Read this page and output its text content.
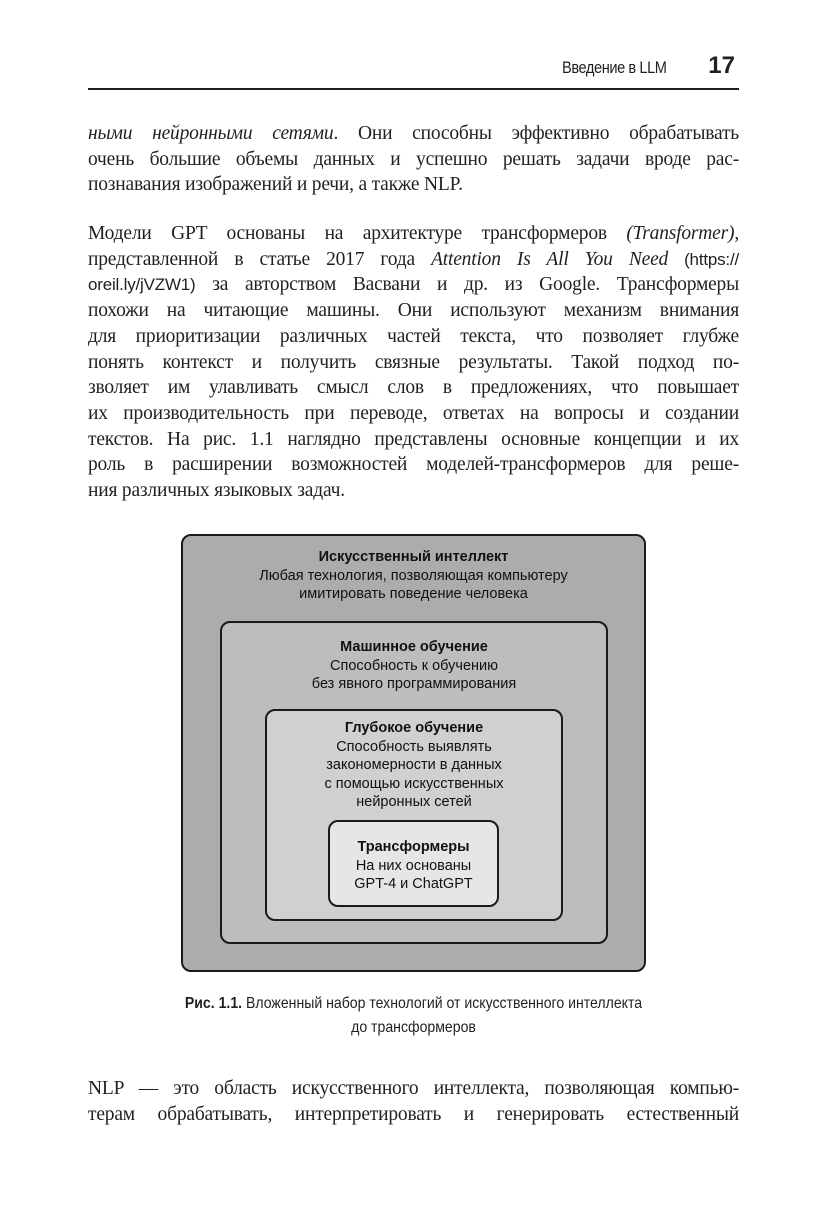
Введение в LLM 17
ными нейронными сетями. Они способны эффективно обрабатывать
очень большие объемы данных и успешно решать задачи вроде рас-
познавания изображений и речи, а также NLP.
Модели GPT основаны на архитектуре трансформеров (Transformer),
представленной в статье 2017 года Attention Is All You Need (https://
oreil.ly/jVZW1) за авторством Васвани и др. из Google. Трансформеры
похожи на читающие машины. Они используют механизм внимания
для приоритизации различных частей текста, что позволяет глубже
понять контекст и получить связные результаты. Такой подход по-
зволяет им улавливать смысл слов в предложениях, что повышает
их производительность при переводе, ответах на вопросы и создании
текстов. На рис. 1.1 наглядно представлены основные концепции и их
роль в расширении возможностей моделей-трансформеров для реше-
ния различных языковых задач.
Искусственный интеллект
Любая технология, позволяющая компьютеру
имитировать поведение человека
Машинное обучение
Способность к обучению
без явного программирования
Глубокое обучение
Способность выявлять
закономерности в данных
с помощью искусственных
нейронных сетей
Трансформеры
На них основаны
GPT-4 и ChatGPT
Рис. 1.1. Вложенный набор технологий от искусственного интеллекта
до трансформеров
NLP — это область искусственного интеллекта, позволяющая компью-
терам обрабатывать, интерпретировать и генерировать естественный
